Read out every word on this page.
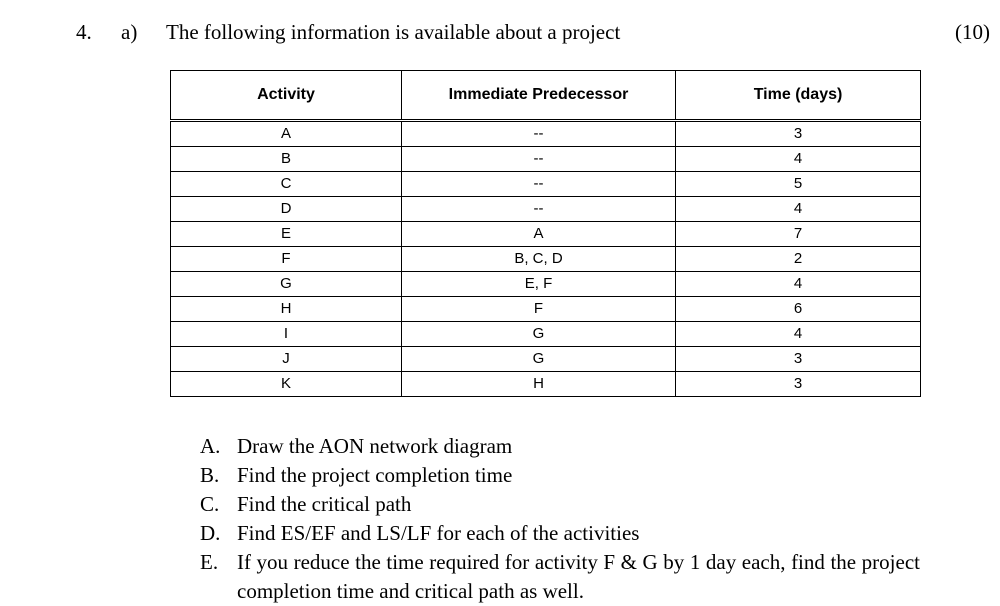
4. a) The following information is available about a project	(10)
Activity	Immediate Predecessor	Time (days)
A	--	3
B	--	4
C	--	5
D	--	4
E	A	7
F	B, C, D	2
G	E, F	4
H	F	6
I	G	4
J	G	3
K	H	3
A. Draw the AON network diagram
B. Find the project completion time
C. Find the critical path
D. Find ES/EF and LS/LF for each of the activities
E. If you reduce the time required for activity F & G by 1 day each, find the project completion time and critical path as well.
